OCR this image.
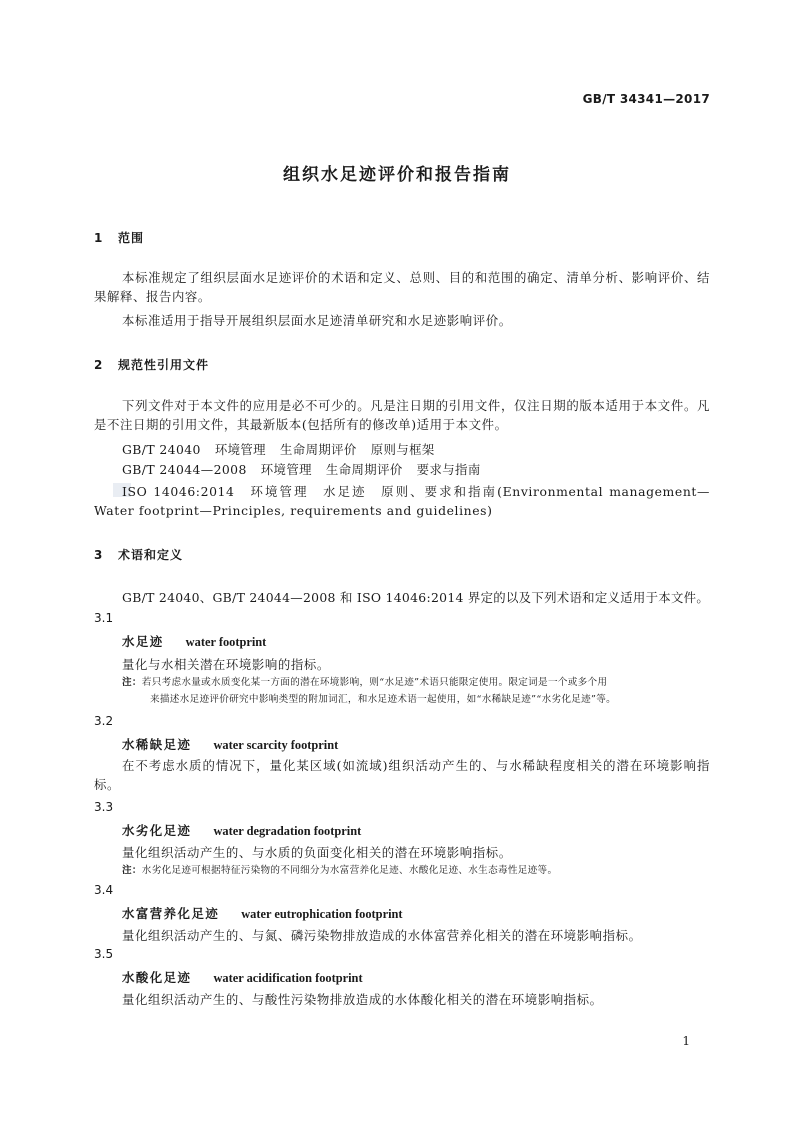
GB/T 34341—2017
组织水足迹评价和报告指南
1 范围
本标准规定了组织层面水足迹评价的术语和定义、总则、目的和范围的确定、清单分析、影响评价、结果解释、报告内容。
本标准适用于指导开展组织层面水足迹清单研究和水足迹影响评价。
2 规范性引用文件
下列文件对于本文件的应用是必不可少的。凡是注日期的引用文件，仅注日期的版本适用于本文件。凡是不注日期的引用文件，其最新版本(包括所有的修改单)适用于本文件。
GB/T 24040 环境管理 生命周期评价 原则与框架
GB/T 24044—2008 环境管理 生命周期评价 要求与指南
ISO 14046:2014　环境管理　水足迹　原则、要求和指南(Environmental management—Water footprint—Principles, requirements and guidelines)
3 术语和定义
GB/T 24040、GB/T 24044—2008 和 ISO 14046:2014 界定的以及下列术语和定义适用于本文件。
3.1
水足迹 water footprint
量化与水相关潜在环境影响的指标。
注：若只考虑水量或水质变化某一方面的潜在环境影响，则“水足迹”术语只能限定使用。限定词是一个或多个用
来描述水足迹评价研究中影响类型的附加词汇，和水足迹术语一起使用，如“水稀缺足迹”“水劣化足迹”等。
3.2
水稀缺足迹 water scarcity footprint
在不考虑水质的情况下，量化某区域(如流域)组织活动产生的、与水稀缺程度相关的潜在环境影响指标。
3.3
水劣化足迹 water degradation footprint
量化组织活动产生的、与水质的负面变化相关的潜在环境影响指标。
注：水劣化足迹可根据特征污染物的不同细分为水富营养化足迹、水酸化足迹、水生态毒性足迹等。
3.4
水富营养化足迹 water eutrophication footprint
量化组织活动产生的、与氮、磷污染物排放造成的水体富营养化相关的潜在环境影响指标。
3.5
水酸化足迹 water acidification footprint
量化组织活动产生的、与酸性污染物排放造成的水体酸化相关的潜在环境影响指标。
1
